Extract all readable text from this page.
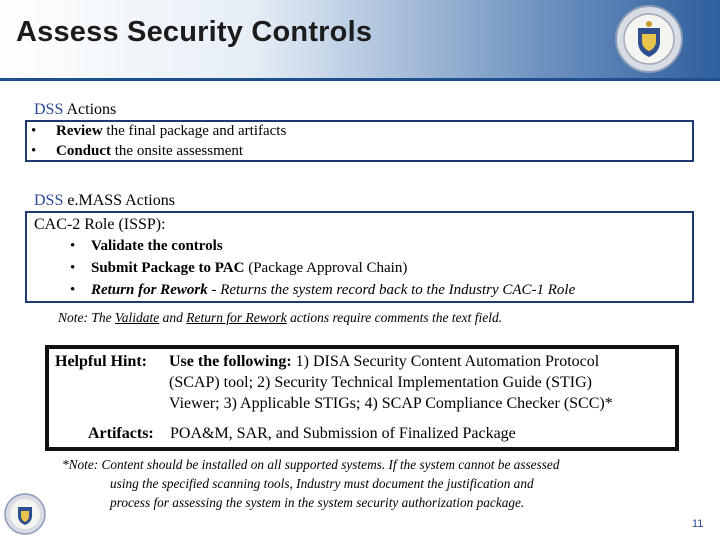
Assess Security Controls
DSS Actions
• Review the final package and artifacts
• Conduct the onsite assessment
DSS e.MASS Actions
CAC-2 Role (ISSP):
• Validate the controls
• Submit Package to PAC (Package Approval Chain)
• Return for Rework - Returns the system record back to the Industry CAC-1 Role
Note: The Validate and Return for Rework actions require comments the text field.
Helpful Hint: Use the following: 1) DISA Security Content Automation Protocol
(SCAP) tool; 2) Security Technical Implementation Guide (STIG)
Viewer; 3) Applicable STIGs; 4) SCAP Compliance Checker (SCC)*
Artifacts: POA&M, SAR, and Submission of Finalized Package
*Note: Content should be installed on all supported systems. If the system cannot be assessed
using the specified scanning tools, Industry must document the justification and
process for assessing the system in the system security authorization package.
11
